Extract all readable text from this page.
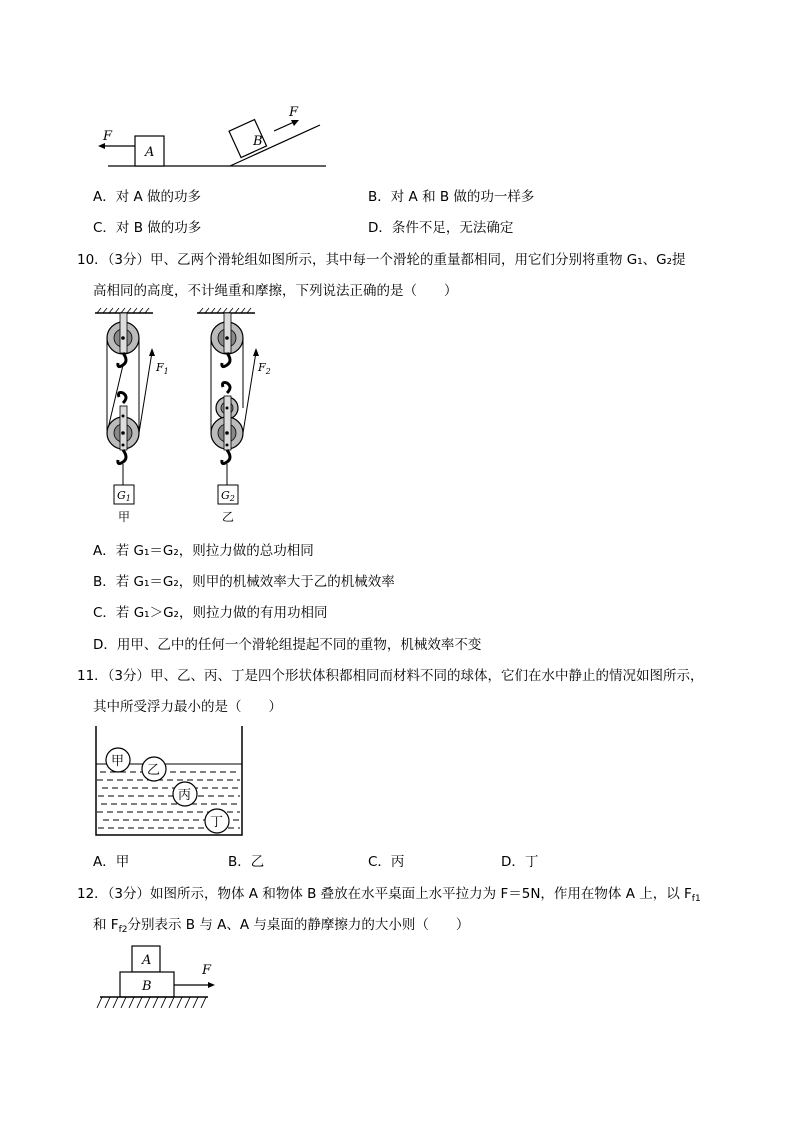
A
F	B
F
A．对 A 做的功多	B．对 A 和 B 做的功一样多
C．对 B 做的功多	D．条件不足，无法确定
10．（3分）甲、乙两个滑轮组如图所示，其中每一个滑轮的重量都相同，用它们分别将重物 G₁、G₂提
高相同的高度，不计绳重和摩擦，下列说法正确的是（　　）
$F_1$
G1
甲
$F_2$
G2
乙
A．若 G₁＝G₂，则拉力做的总功相同
B．若 G₁＝G₂，则甲的机械效率大于乙的机械效率
C．若 G₁＞G₂，则拉力做的有用功相同
D．用甲、乙中的任何一个滑轮组提起不同的重物，机械效率不变
11．（3分）甲、乙、丙、丁是四个形状体积都相同而材料不同的球体，它们在水中静止的情况如图所示，
其中所受浮力最小的是（　　）
甲
乙
丙
丁
A．甲	B．乙	C．丙	D．丁
12．（3分）如图所示，物体 A 和物体 B 叠放在水平桌面上水平拉力为 F＝5N，作用在物体 A 上，以 $F_{f1}$
和 $F_{f2}$分别表示 B 与 A、A 与桌面的静摩擦力的大小则（　　）
A
B
F
